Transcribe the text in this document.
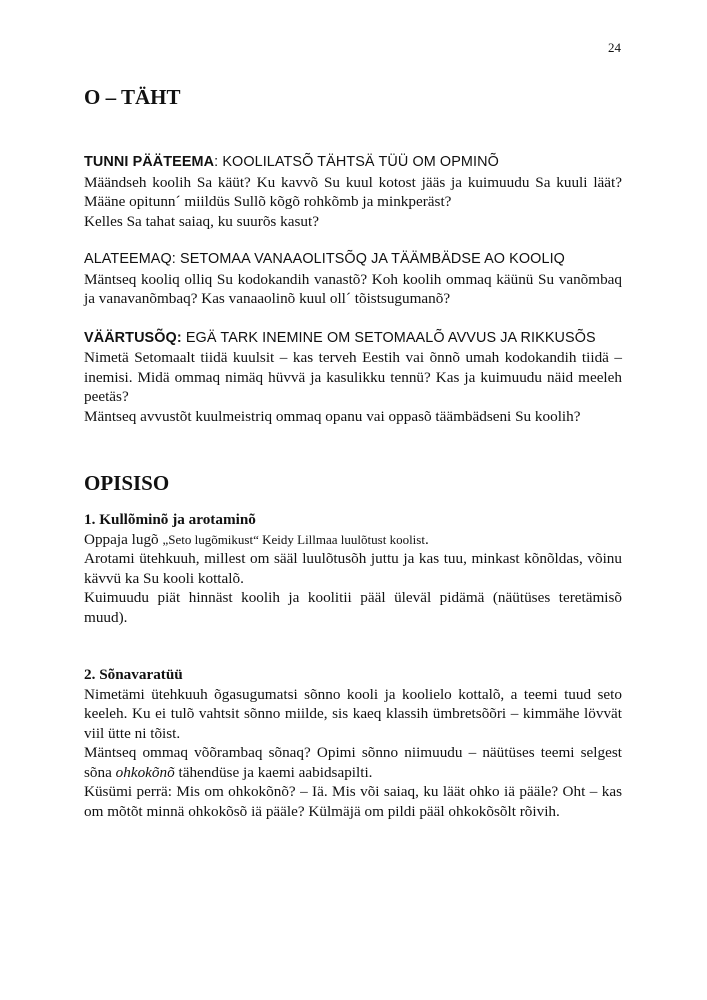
24
O – TÄHT

TUNNI PÄÄTEEMA: KOOLILATSÕ TÄHTSÄ TÜÜ OM OPMINÕ

Määndseh koolih Sa käüt? Ku kavvõ Su kuul kotost jääs ja kuimuudu Sa kuuli läät? Määne opitunn´ miildüs Sullõ kõgõ rohkõmb ja minkperäst?

Kelles Sa tahat saiaq, ku suurõs kasut?

ALATEEMAQ: SETOMAA VANAAOLITSÕQ JA TÄÄMBÄDSE AO KOOLIQ

Mäntseq kooliq olliq Su kodokandih vanastõ? Koh koolih ommaq käünü Su vanõmbaq ja vanavanõmbaq? Kas vanaaolinõ kuul oll´ tõistsugumanõ?

VÄÄRTUSÕQ: EGÄ TARK INEMINE OM SETOMAALÕ AVVUS JA RIKKUSÕS

Nimetä Setomaalt tiidä kuulsit – kas terveh Eestih vai õnnõ umah kodokandih tiidä – inemisi. Midä ommaq nimäq hüvvä ja kasulikku tennü? Kas ja kuimuudu näid meeleh peetäs?

Mäntseq avvustõt kuulmeistriq ommaq opanu vai oppasõ täämbädseni Su koolih?

OPISISO

1. Kullõminõ ja arotaminõ

Oppaja lugõ „Seto lugõmikust“ Keidy Lillmaa luulõtust koolist.

Arotami ütehkuuh, millest om sääl luulõtusõh juttu ja kas tuu, minkast kõnõldas, võinu kävvü ka Su kooli kottalõ.

Kuimuudu piät hinnäst koolih ja koolitii pääl üleväl pidämä (näütüses teretämisõ muud).

2. Sõnavaratüü

Nimetämi ütehkuuh õgasugumatsi sõnno kooli ja koolielo kottalõ, a teemi tuud seto keeleh. Ku ei tulõ vahtsit sõnno miilde, sis kaeq klassih ümbretsõõri – kimmähe lövvät viil ütte ni tõist.

Mäntseq ommaq võõrambaq sõnaq? Opimi sõnno niimuudu – näütüses teemi selgest sõna ohkokõnõ tähendüse ja kaemi aabidsapilti.

Küsümi perrä: Mis om ohkokõnõ? – Iä. Mis või saiaq, ku läät ohko iä pääle? Oht – kas om mõtõt minnä ohkokõsõ iä pääle? Külmäjä om pildi pääl ohkokõsõlt rõivih.
